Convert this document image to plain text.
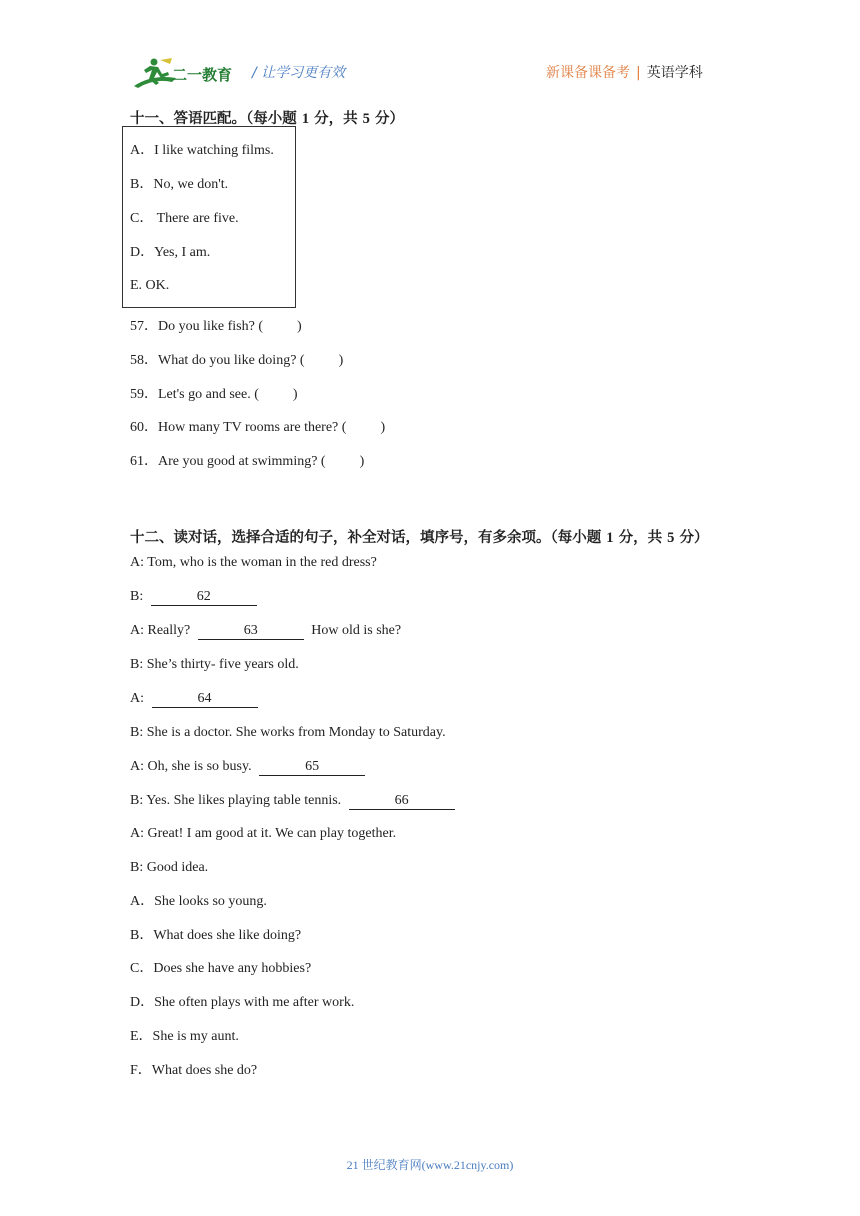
二一教育 / 让学习更有效	新课备课备考 | 英语学科
十一、答语匹配。（每小题 1 分，共 5 分）
A．I like watching films.
B．No, we don't.
C． There are five.
D．Yes, I am.
E. OK.
57．Do you like fish? ( )
58．What do you like doing? ( )
59．Let's go and see. ( )
60．How many TV rooms are there? ( )
61．Are you good at swimming? ( )
十二、读对话，选择合适的句子，补全对话，填序号，有多余项。（每小题 1 分，共 5 分）
A: Tom, who is the woman in the red dress?
B:	62
A: Really?	63	How old is she?
B: She’s thirty- five years old.
A:	64
B: She is a doctor. She works from Monday to Saturday.
A: Oh, she is so busy.	65
B: Yes. She likes playing table tennis.	66
A: Great! I am good at it. We can play together.
B: Good idea.
A．She looks so young.
B．What does she like doing?
C．Does she have any hobbies?
D．She often plays with me after work.
E．She is my aunt.
F．What does she do?
21 世纪教育网(www.21cnjy.com)
